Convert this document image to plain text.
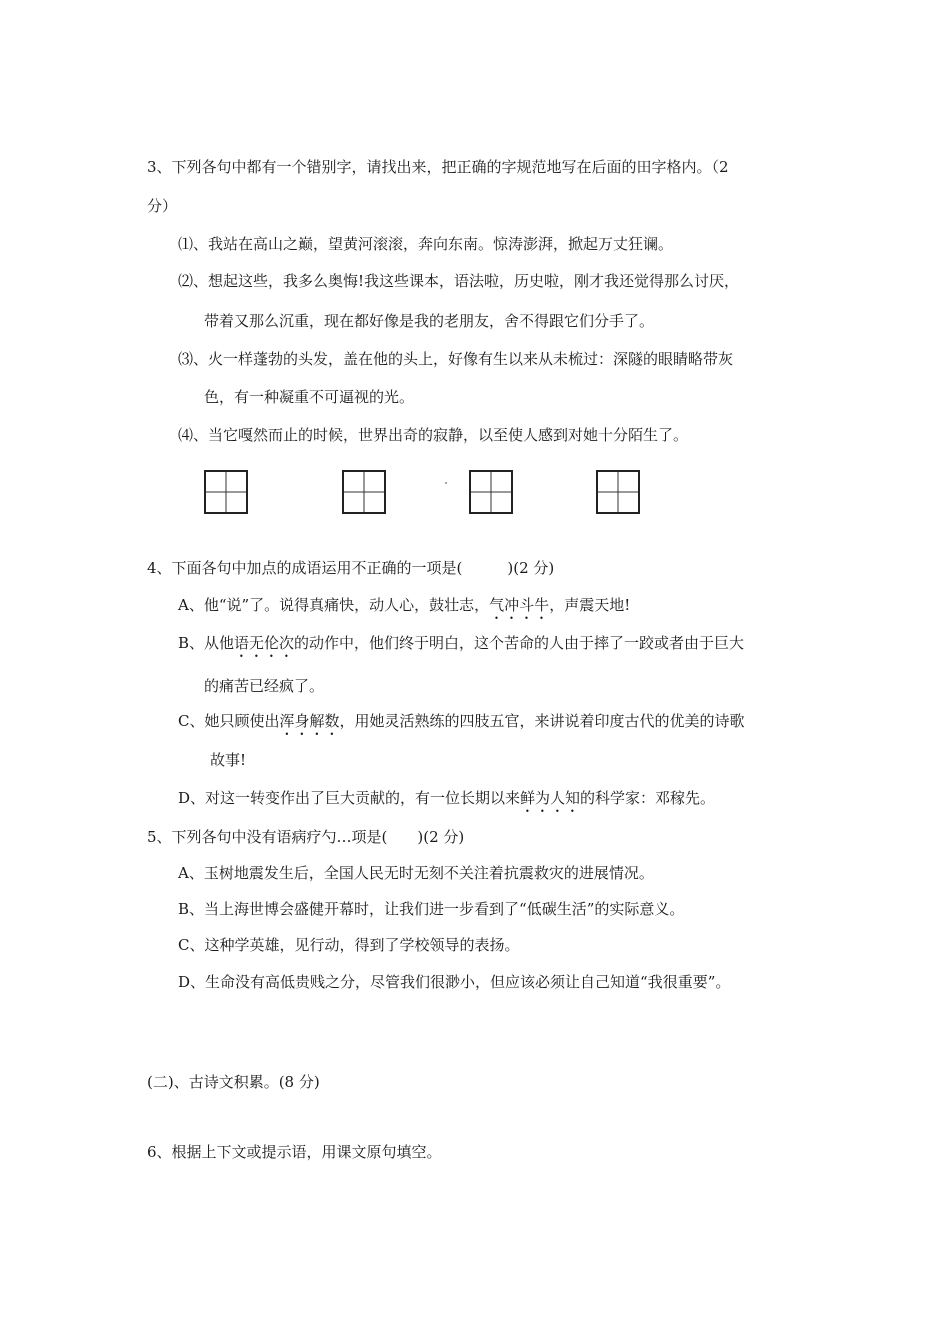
3、下列各句中都有一个错别字，请找出来，把正确的字规范地写在后面的田字格内。（2
分）
⑴、我站在高山之巅，望黄河滚滚，奔向东南。惊涛澎湃，掀起万丈狂谰。
⑵、想起这些，我多么奥悔!我这些课本，语法啦，历史啦，刚才我还觉得那么讨厌，
带着又那么沉重，现在都好像是我的老朋友，舍不得跟它们分手了。
⑶、火一样蓬勃的头发，盖在他的头上，好像有生以来从未梳过：深隧的眼睛略带灰
色，有一种凝重不可逼视的光。
⑷、当它嘎然而止的时候，世界出奇的寂静，以至使人感到对她十分陌生了。
4、下面各句中加点的成语运用不正确的一项是(　　　)(2 分)
A、他“说”了。说得真痛快，动人心，鼓壮志，气冲斗牛，声震天地!
B、从他语无伦次的动作中，他们终于明白，这个苦命的人由于摔了一跤或者由于巨大
的痛苦已经疯了。
C、她只顾使出浑身解数，用她灵活熟练的四肢五官，来讲说着印度古代的优美的诗歌
故事!
D、对这一转变作出了巨大贡献的，有一位长期以来鲜为人知的科学家：邓稼先。
5、下列各句中没有语病疗勺…项是(　　)(2 分)
A、玉树地震发生后，全国人民无时无刻不关注着抗震救灾的进展情况。
B、当上海世博会盛健开幕时，让我们进一步看到了“低碳生活”的实际意义。
C、这种学英雄，见行动，得到了学校领导的表扬。
D、生命没有高低贵贱之分，尽管我们很渺小，但应该必须让自己知道“我很重要”。
(二)、古诗文积累。(8 分)
6、根据上下文或提示语，用课文原句填空。
